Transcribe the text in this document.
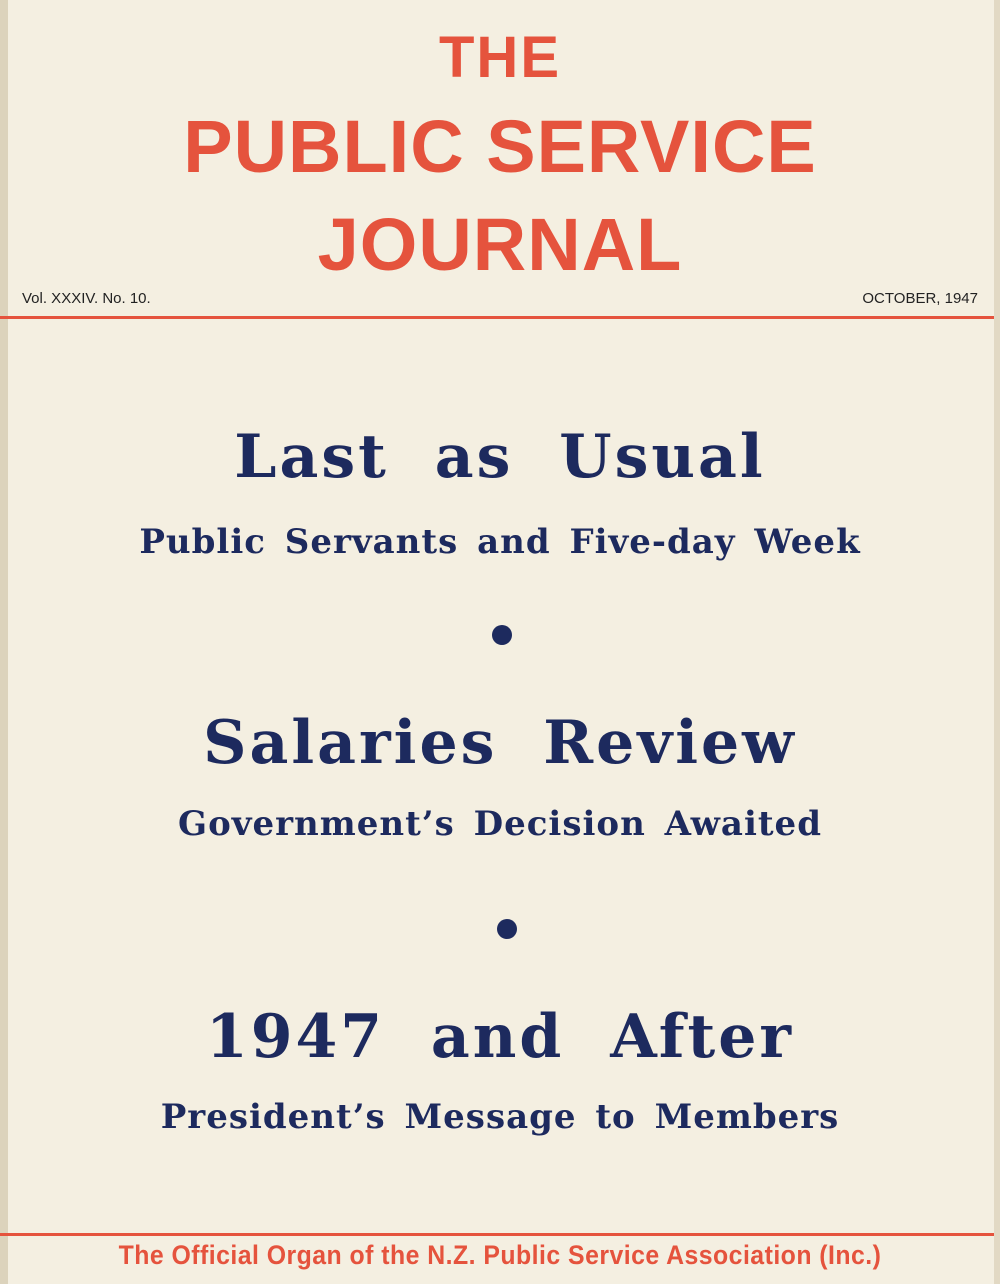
THE
PUBLIC SERVICE
JOURNAL
Vol. XXXIV. No. 10.	OCTOBER, 1947
Last as Usual
Public Servants and Five-day Week
Salaries Review
Government’s Decision Awaited
1947 and After
President’s Message to Members
The Official Organ of the N.Z. Public Service Association (Inc.)
